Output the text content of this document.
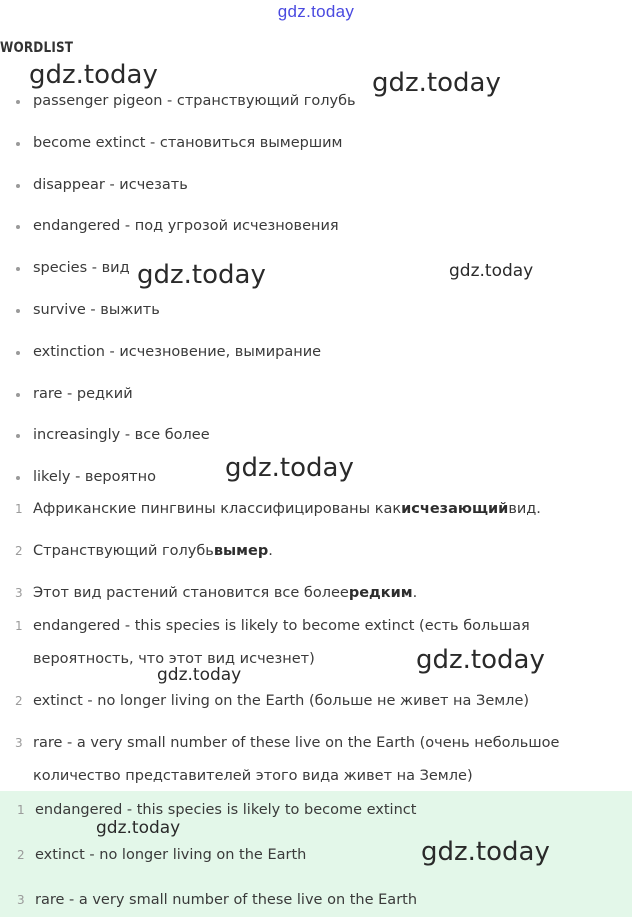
gdz.today
WORDLIST
passenger pigeon - странствующий голубь
become extinct - становиться вымершим
disappear - исчезать
endangered - под угрозой исчезновения
species - вид
survive - выжить
extinction - исчезновение, вымирание
rare - редкий
increasingly - все более
likely - вероятно
1 Африканские пингвины классифицированы как исчезающий вид.
2 Странствующий голубь вымер .
3 Этот вид растений становится все более редким .
1 endangered - this species is likely to become extinct (есть большая
вероятность, что этот вид исчезнет)
2 extinct - no longer living on the Earth (больше не живет на Земле)
3 rare - a very small number of these live on the Earth (очень небольшое
количество представителей этого вида живет на Земле)
1 endangered - this species is likely to become extinct
2 extinct - no longer living on the Earth
3 rare - a very small number of these live on the Earth
gdz.today	gdz.today
gdz.today	gdz.today
gdz.today
gdz.today
gdz.today
gdz.today
gdz.today
